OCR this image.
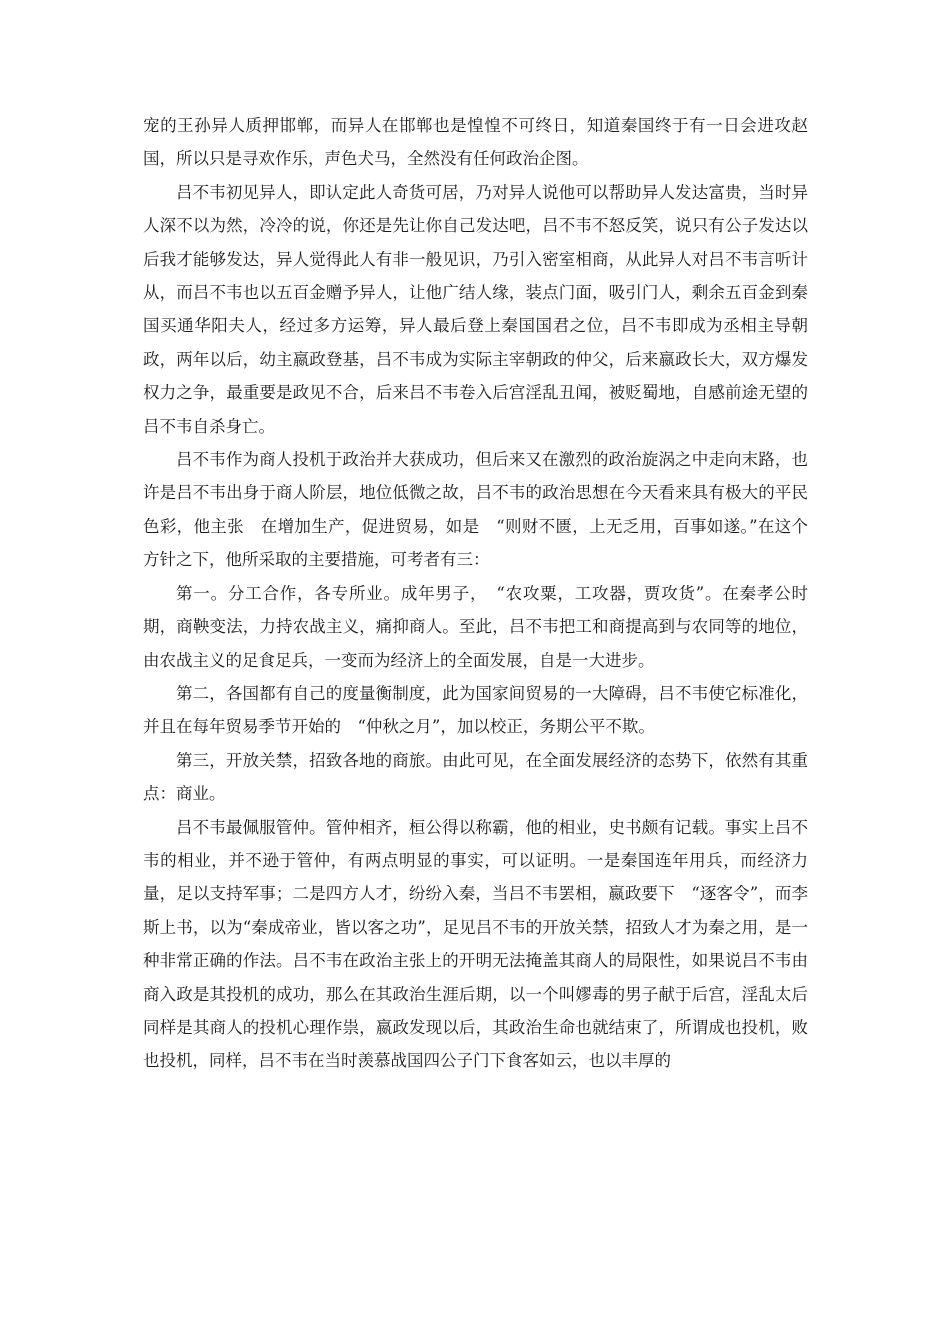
宠的王孙异人质押邯郸，而异人在邯郸也是惶惶不可终日，知道秦国终于有一日会进攻赵国，所以只是寻欢作乐，声色犬马，全然没有任何政治企图。

吕不韦初见异人，即认定此人奇货可居，乃对异人说他可以帮助异人发达富贵，当时异人深不以为然，冷冷的说，你还是先让你自己发达吧，吕不韦不怒反笑，说只有公子发达以后我才能够发达，异人觉得此人有非一般见识，乃引入密室相商，从此异人对吕不韦言听计从，而吕不韦也以五百金赠予异人，让他广结人缘，装点门面，吸引门人，剩余五百金到秦国买通华阳夫人，经过多方运筹，异人最后登上秦国国君之位，吕不韦即成为丞相主导朝政，两年以后，幼主嬴政登基，吕不韦成为实际主宰朝政的仲父，后来嬴政长大，双方爆发权力之争，最重要是政见不合，后来吕不韦卷入后宫淫乱丑闻，被贬蜀地，自感前途无望的吕不韦自杀身亡。

吕不韦作为商人投机于政治并大获成功，但后来又在激烈的政治旋涡之中走向末路，也许是吕不韦出身于商人阶层，地位低微之故，吕不韦的政治思想在今天看来具有极大的平民色彩，他主张　在增加生产，促进贸易，如是　“则财不匮，上无乏用，百事如遂。”在这个方针之下，他所采取的主要措施，可考者有三：

第一。分工合作，各专所业。成年男子，　“农攻粟，工攻器，贾攻货”。在秦孝公时期，商鞅变法，力持农战主义，痛抑商人。至此，吕不韦把工和商提高到与农同等的地位，由农战主义的足食足兵，一变而为经济上的全面发展，自是一大进步。

第二，各国都有自己的度量衡制度，此为国家间贸易的一大障碍，吕不韦使它标准化，并且在每年贸易季节开始的　“仲秋之月”，加以校正，务期公平不欺。

第三，开放关禁，招致各地的商旅。由此可见，在全面发展经济的态势下，依然有其重点：商业。

吕不韦最佩服管仲。管仲相齐，桓公得以称霸，他的相业，史书颇有记载。事实上吕不韦的相业，并不逊于管仲，有两点明显的事实，可以证明。一是秦国连年用兵，而经济力量，足以支持军事；二是四方人才，纷纷入秦，当吕不韦罢相，嬴政要下　“逐客令”，而李斯上书，以为“秦成帝业，皆以客之功”，足见吕不韦的开放关禁，招致人才为秦之用，是一种非常正确的作法。吕不韦在政治主张上的开明无法掩盖其商人的局限性，如果说吕不韦由商入政是其投机的成功，那么在其政治生涯后期，以一个叫嫪毒的男子献于后宫，淫乱太后同样是其商人的投机心理作祟，嬴政发现以后，其政治生命也就结束了，所谓成也投机，败也投机，同样，吕不韦在当时羡慕战国四公子门下食客如云，也以丰厚的
